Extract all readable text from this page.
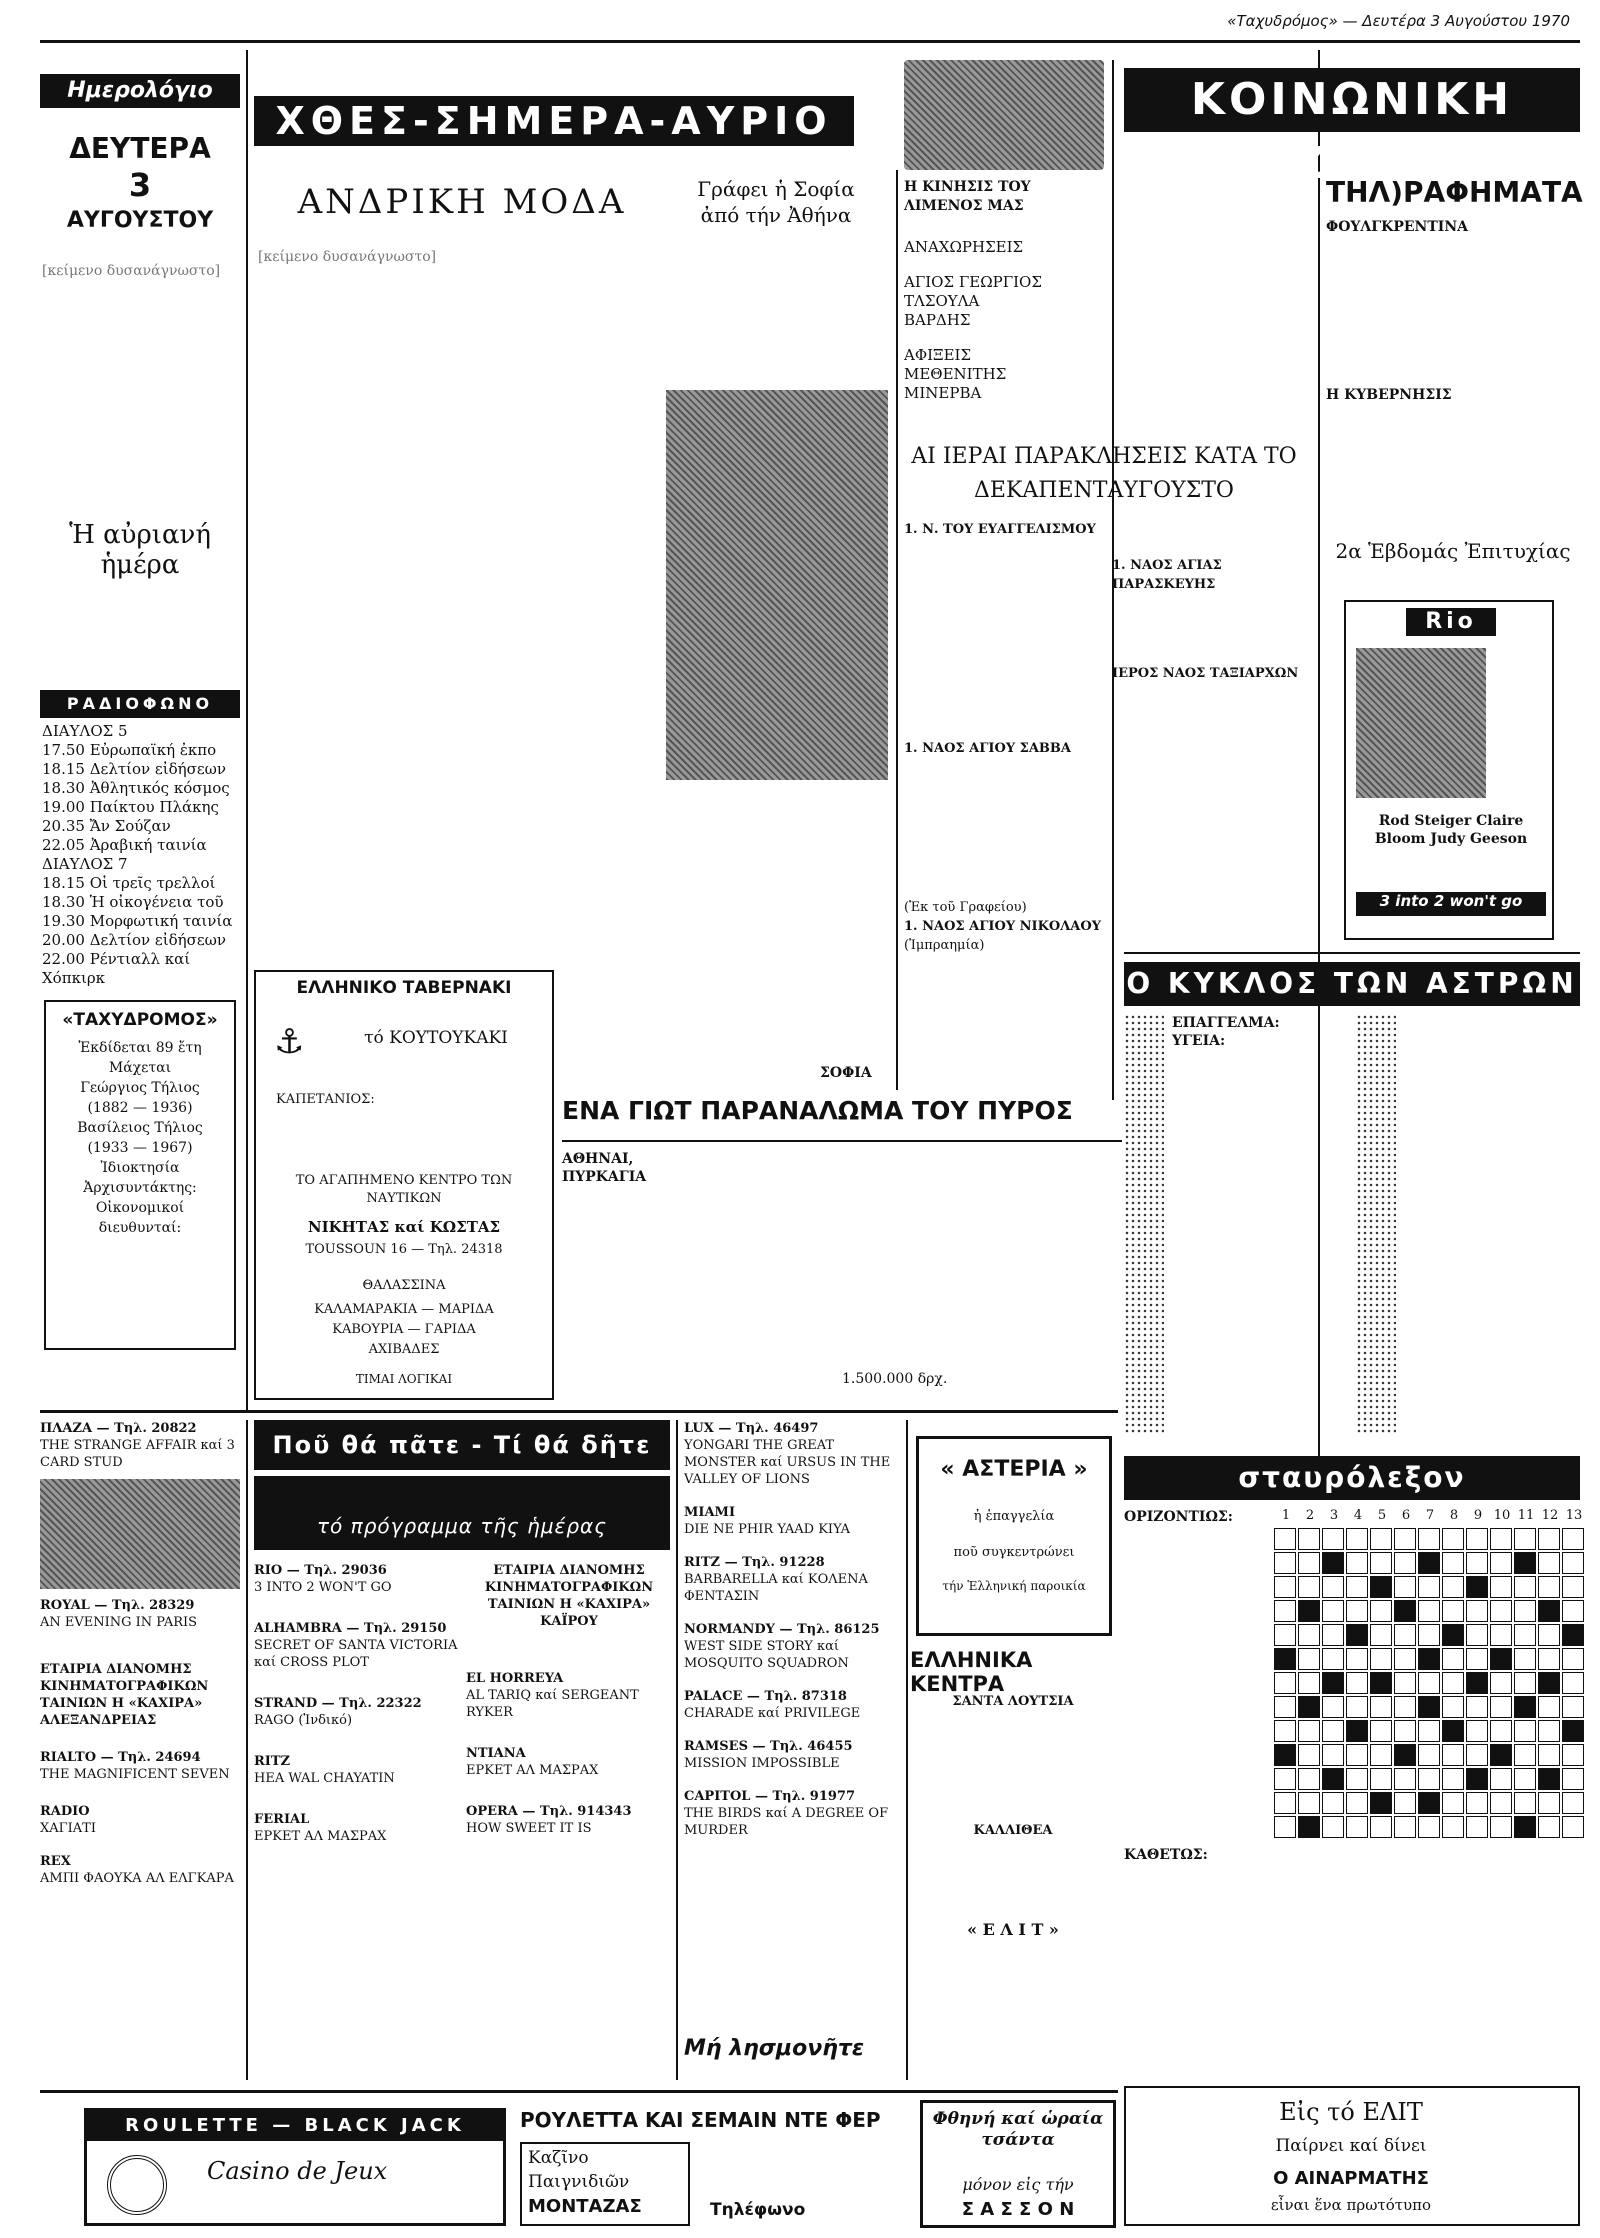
«Ταχυδρόμος» — Δευτέρα 3 Αυγούστου 1970
Ημερολόγιο
ΔΕΥΤΕΡΑ
3
ΑΥΓΟΥΣΤΟΥ
[κείμενο δυσανάγνωστο]
Ἡ αὐριανή ἡμέρα
ΡΑΔΙΟΦΩΝΟ
ΔΙΑΥΛΟΣ 5
17.50 Εὐρωπαϊκή ἐκπο
18.15 Δελτίον εἰδήσεων
18.30 Ἀθλητικός κόσμος
19.00 Παίκτου Πλάκης
20.35 Ἄν Σούζαν
22.05 Ἀραβική ταινία
ΔΙΑΥΛΟΣ 7
18.15 Οἱ τρεῖς τρελλοί
18.30 Ἡ οἰκογένεια τοῦ
19.30 Μορφωτική ταινία
20.00 Δελτίον εἰδήσεων
22.00 Ρέντιαλλ καί Χόπκιρκ
«ΤΑΧΥΔΡΟΜΟΣ»
Ἐκδίδεται 89 ἔτη
Μάχεται
Γεώργιος Τήλιος
(1882 — 1936)
Βασίλειος Τήλιος
(1933 — 1967)
Ἰδιοκτησία
Ἀρχισυντάκτης:
Οἰκονομικοί διευθυνταί:
ΧΘΕΣ-ΣΗΜΕΡΑ-ΑΥΡΙΟ
ΑΝΔΡΙΚΗ ΜΟΔΑ	Γράφει ἡ Σοφία ἀπό τήν Ἀθήνα
[κείμενο δυσανάγνωστο]
ΣΟΦΙΑ
ΕΛΛΗΝΙΚΟ ΤΑΒΕΡΝΑΚΙ
⚓	τό ΚΟΥΤΟΥΚΑΚΙ
ΚΑΠΕΤΑΝΙΟΣ:
ΤΟ ΑΓΑΠΗΜΕΝΟ ΚΕΝΤΡΟ ΤΩΝ ΝΑΥΤΙΚΩΝ
ΝΙΚΗΤΑΣ καί ΚΩΣΤΑΣ
TOUSSOUN 16 — Τηλ. 24318
ΘΑΛΑΣΣΙΝΑ
ΚΑΛΑΜΑΡΑΚΙΑ — ΜΑΡΙΔΑ
ΚΑΒΟΥΡΙΑ — ΓΑΡΙΔΑ
ΑΧΙΒΑΔΕΣ
ΤΙΜΑΙ ΛΟΓΙΚΑΙ
ΕΝΑ ΓΙΩΤ ΠΑΡΑΝΑΛΩΜΑ ΤΟΥ ΠΥΡΟΣ
ΑΘΗΝΑΙ,
ΠΥΡΚΑΓΙΑ
1.500.000 δρχ.
Η ΚΙΝΗΣΙΣ ΤΟΥ ΛΙΜΕΝΟΣ ΜΑΣ
ΑΝΑΧΩΡΗΣΕΙΣ
ΑΓΙΟΣ ΓΕΩΡΓΙΟΣ
ΤΛΣΟΥΛΑ
ΒΑΡΔΗΣ
ΑΦΙΞΕΙΣ
ΜΕΘΕΝΙΤΗΣ
ΜΙΝΕΡΒΑ
ΑΙ ΙΕΡΑΙ ΠΑΡΑΚΛΗΣΕΙΣ ΚΑΤΑ ΤΟ ΔΕΚΑΠΕΝΤΑΥΓΟΥΣΤΟ
1. Ν. ΤΟΥ ΕΥΑΓΓΕΛΙΣΜΟΥ
1. ΝΑΟΣ ΑΓΙΟΥ ΣΑΒΒΑ
(Ἐκ τοῦ Γραφείου)
1. ΝΑΟΣ ΑΓΙΟΥ ΝΙΚΟΛΑΟΥ
(Ἰμπραημία)
1. ΝΑΟΣ ΑΓΙΑΣ ΠΑΡΑΣΚΕΥΗΣ
ΙΕΡΟΣ ΝΑΟΣ ΤΑΞΙΑΡΧΩΝ
ΚΟΙΝΩΝΙΚΗ ΖΩΗ
ΤΗΛ)ΡΑΦΗΜΑΤΑ
ΦΟΥΛΓΚΡΕΝΤΙΝΑ
Η ΚΥΒΕΡΝΗΣΙΣ
2α Ἑβδομάς Ἐπιτυχίας
Rio
Rod Steiger Claire Bloom Judy Geeson
3 into 2 won't go
Ο ΚΥΚΛΟΣ ΤΩΝ ΑΣΤΡΩΝ
ΕΠΑΓΓΕΛΜΑ:
ΥΓΕΙΑ:
σταυρόλεξον
1	2	3	4	5	6	7	8	9 10 11 12 13
ΟΡΙΖΟΝΤΙΩΣ:
ΚΑΘΕΤΩΣ:
ΠΛΑΖΑ — Τηλ. 20822
THE STRANGE AFFAIR καί 3 CARD STUD
ROYAL — Τηλ. 28329
AN EVENING IN PARIS
ΕΤΑΙΡΙΑ ΔΙΑΝΟΜΗΣ ΚΙΝΗΜΑΤΟΓΡΑΦΙΚΩΝ ΤΑΙΝΙΩΝ Η «ΚΑΧΙΡΑ» ΑΛΕΞΑΝΔΡΕΙΑΣ
RIALTO — Τηλ. 24694
THE MAGNIFICENT SEVEN
RADIO
ΧΑΓΙΑΤΙ
REX
ΑΜΠΙ ΦΑΟΥΚΑ ΑΛ ΕΛΓΚΑΡΑ
Ποῦ θά πᾶτε - Τί θά δῆτε
τό πρόγραμμα τῆς ἡμέρας
RIO — Τηλ. 29036
3 INTO 2 WON'T GO
ALHAMBRA — Τηλ. 29150
SECRET OF SANTA VICTORIA καί CROSS PLOT
STRAND — Τηλ. 22322
RAGO (Ἰνδικό)
RITZ
ΗΕΑ WAL CHAYATIN
FERIAL
ΕΡΚΕΤ ΑΛ ΜΑΣΡΑΧ
ΕΤΑΙΡΙΑ ΔΙΑΝΟΜΗΣ ΚΙΝΗΜΑΤΟΓΡΑΦΙΚΩΝ ΤΑΙΝΙΩΝ Η «ΚΑΧΙΡΑ» ΚΑΪΡΟΥ
EL HORREYA
AL TARIQ καί SERGEANT RYKER
ΝΤΙΑΝΑ
ΕΡΚΕΤ ΑΛ ΜΑΣΡΑΧ
OPERA — Τηλ. 914343
HOW SWEET IT IS
LUX — Τηλ. 46497
YONGARI THE GREAT MONSTER καί URSUS IN THE VALLEY OF LIONS
ΜΙΑΜΙ
DIE NE PHIR YAAD KIYA
RITZ — Τηλ. 91228
BARBARELLA καί ΚΟΛΕΝΑ ΦΕΝΤΑΣΙΝ
NORMANDY — Τηλ. 86125
WEST SIDE STORY καί MOSQUITO SQUADRON
PALACE — Τηλ. 87318
CHARADE καί PRIVILEGE
RAMSES — Τηλ. 46455
MISSION IMPOSSIBLE
CAPITOL — Τηλ. 91977
THE BIRDS καί A DEGREE OF MURDER
Μή λησμονῆτε
« ΑΣΤΕΡΙΑ »
ἡ ἐπαγγελία
ποῦ συγκεντρώνει
τήν Ἑλληνική παροικία
ΕΛΛΗΝΙΚΑ ΚΕΝΤΡΑ
ΣΑΝΤΑ ΛΟΥΤΣΙΑ
ΚΑΛΛΙΘΕΑ
« Ε Λ Ι Τ »
ROULETTE — BLACK JACK
Casino de Jeux
ΡΟΥΛΕΤΤΑ ΚΑΙ ΣΕΜΑΙΝ ΝΤΕ ΦΕΡ
Καζῖνο
Παιγνιδιῶν
ΜΟΝΤΑΖΑΣ	Τηλέφωνο
Φθηνή καί ὡραία τσάντα
μόνον εἰς τήν
Σ Α Σ Σ Ο Ν
Εἰς τό ΕΛΙΤ
Παίρνει καί δίνει
Ο ΑΙΝΑΡΜΑΤΗΣ
εἶναι ἕνα πρωτότυπο
